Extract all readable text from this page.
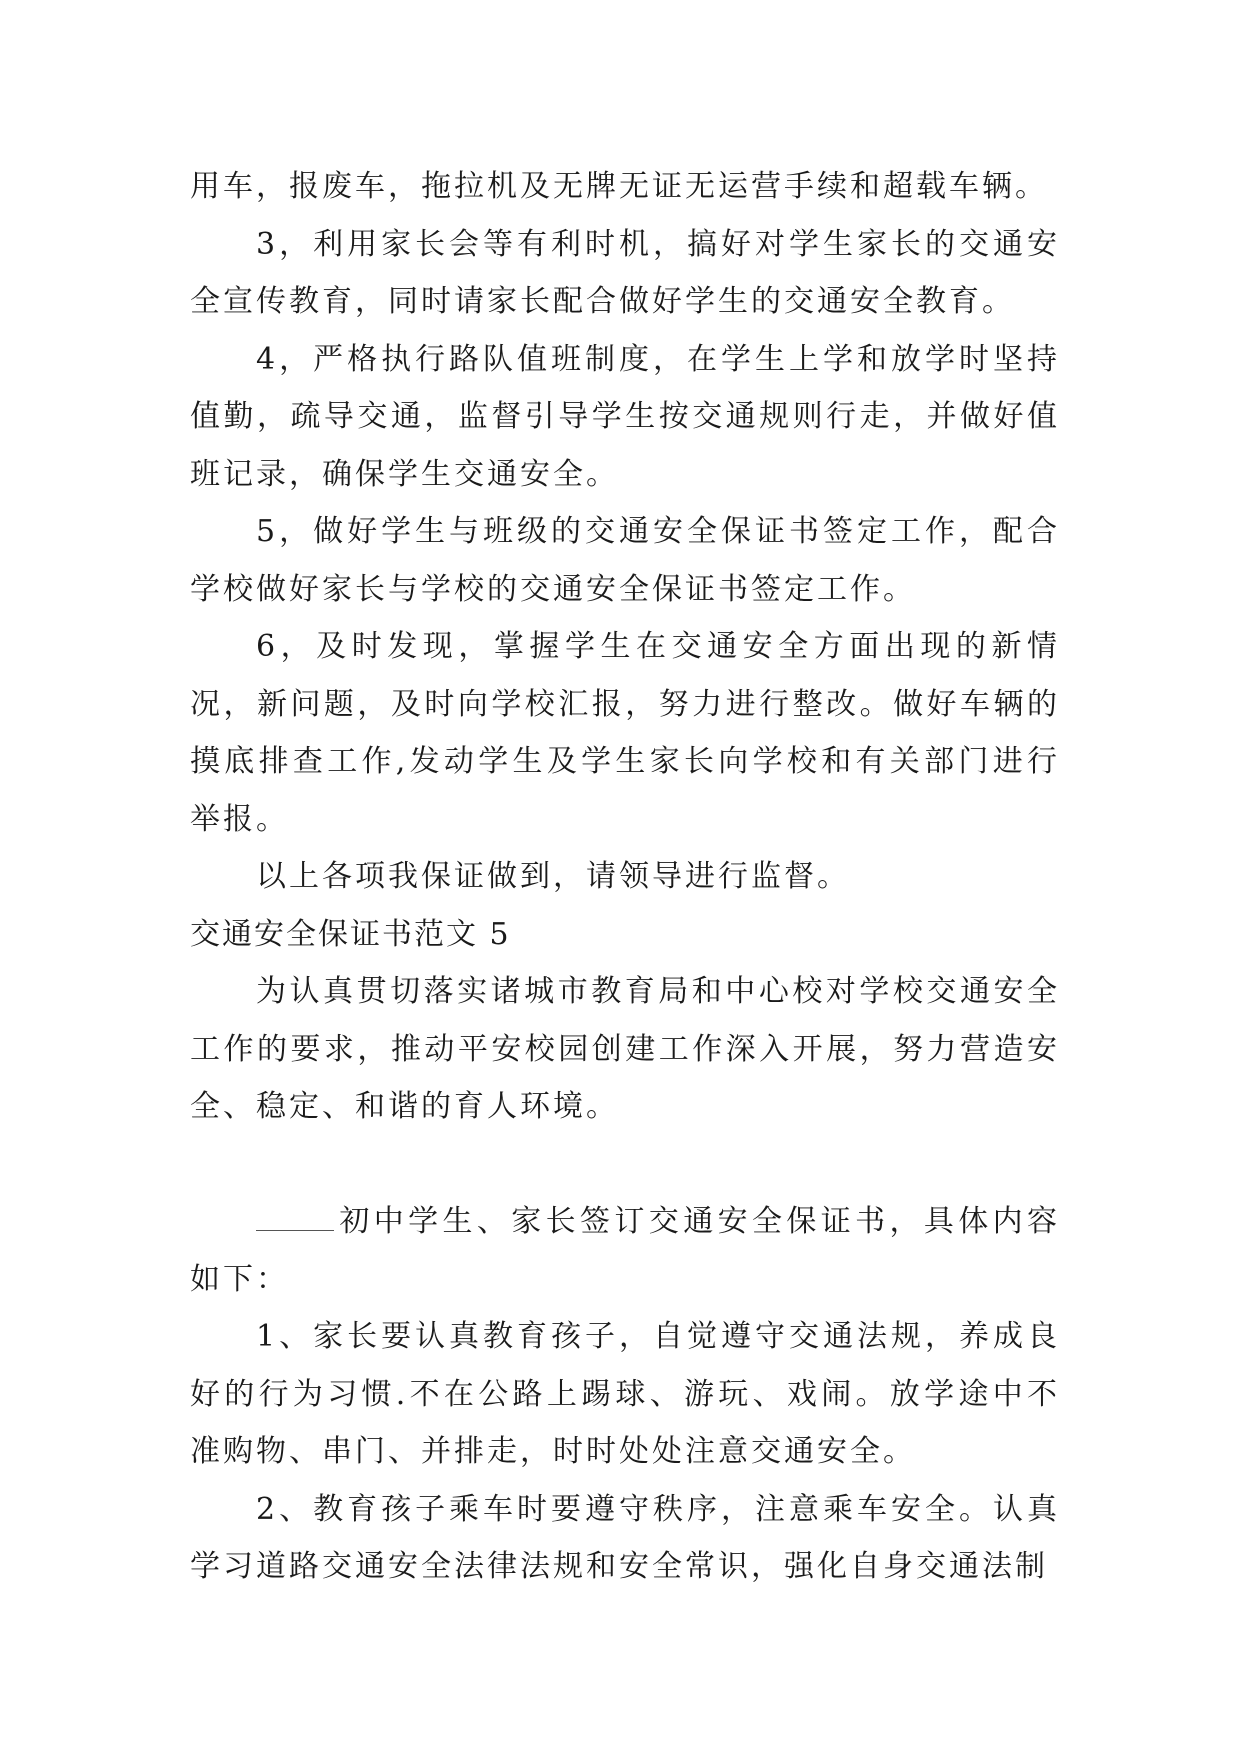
用车，报废车，拖拉机及无牌无证无运营手续和超载车辆。

3，利用家长会等有利时机，搞好对学生家长的交通安全宣传教育，同时请家长配合做好学生的交通安全教育。

4，严格执行路队值班制度，在学生上学和放学时坚持值勤，疏导交通，监督引导学生按交通规则行走，并做好值班记录，确保学生交通安全。

5，做好学生与班级的交通安全保证书签定工作，配合学校做好家长与学校的交通安全保证书签定工作。

6，及时发现，掌握学生在交通安全方面出现的新情况，新问题，及时向学校汇报，努力进行整改。做好车辆的摸底排查工作,发动学生及学生家长向学校和有关部门进行举报。

以上各项我保证做到，请领导进行监督。

交通安全保证书范文 5

为认真贯切落实诸城市教育局和中心校对学校交通安全工作的要求，推动平安校园创建工作深入开展，努力营造安全、稳定、和谐的育人环境。

初中学生、家长签订交通安全保证书，具体内容如下：

1、家长要认真教育孩子，自觉遵守交通法规，养成良好的行为习惯.不在公路上踢球、游玩、戏闹。放学途中不准购物、串门、并排走，时时处处注意交通安全。

2、教育孩子乘车时要遵守秩序，注意乘车安全。认真学习道路交通安全法律法规和安全常识，强化自身交通法制
